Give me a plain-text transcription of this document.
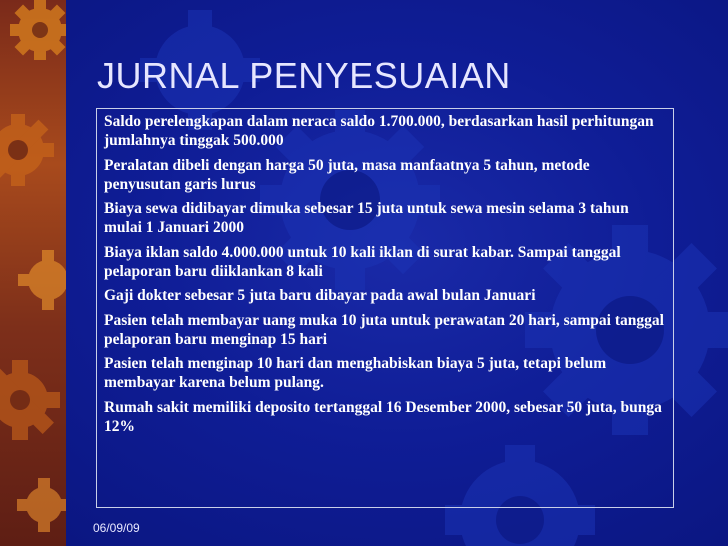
JURNAL PENYESUAIAN
Saldo perelengkapan dalam neraca saldo 1.700.000, berdasarkan hasil perhitungan jumlahnya tinggak 500.000
Peralatan dibeli dengan harga 50 juta, masa manfaatnya 5 tahun, metode penyusutan garis lurus
Biaya sewa didibayar dimuka sebesar 15 juta untuk sewa mesin selama 3 tahun mulai 1 Januari 2000
Biaya iklan saldo 4.000.000 untuk 10 kali iklan di surat kabar. Sampai tanggal pelaporan baru diiklankan 8 kali
Gaji dokter sebesar 5 juta baru dibayar pada awal bulan Januari
Pasien telah membayar uang muka 10 juta untuk perawatan 20 hari, sampai tanggal pelaporan baru menginap 15 hari
Pasien telah menginap 10 hari dan menghabiskan biaya 5 juta, tetapi belum membayar karena belum pulang.
Rumah sakit memiliki deposito tertanggal 16 Desember 2000, sebesar 50 juta, bunga 12%
06/09/09
